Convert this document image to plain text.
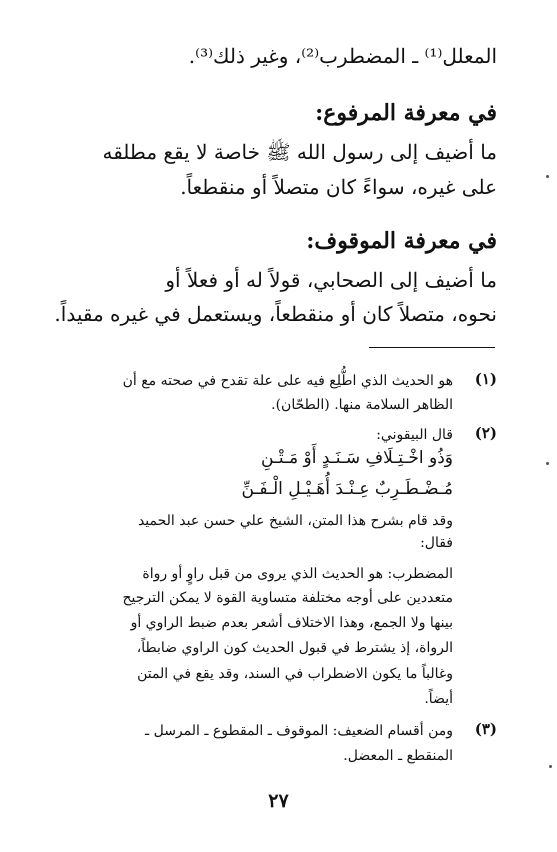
المعلل⁽¹⁾ ـ المضطرب⁽²⁾، وغير ذلك⁽³⁾.
في معرفة المرفوع:
ما أضيف إلى رسول الله ﷺ خاصة لا يقع مطلقه
على غيره، سواءً كان متصلاً أو منقطعاً.
في معرفة الموقوف:
ما أضيف إلى الصحابي، قولاً له أو فعلاً أو
نحوه، متصلاً كان أو منقطعاً، ويستعمل في غيره مقيداً.
(١)
هو الحديث الذي اطُّلِع فيه على علة تقدح في صحته مع أن
الظاهر السلامة منها. (الطحّان).
(٢)
قال البيقوني:
وَذُو اخْـتِـلَافِ سَـنَـدٍ أَوْ مَـتْـنِ
مُـضْـطَـرِبٌ عِـنْـدَ أُهَـيْـلِ الْـفَـنِّ
وقد قام بشرح هذا المتن، الشيخ علي حسن عبد الحميد
فقال:
المضطرب: هو الحديث الذي يروى من قبل راوٍ أو رواة
متعددين على أوجه مختلفة متساوية القوة لا يمكن الترجيح
بينها ولا الجمع، وهذا الاختلاف أشعر بعدم ضبط الراوي أو
الرواة، إذ يشترط في قبول الحديث كون الراوي ضابطاً،
وغالباً ما يكون الاضطراب في السند، وقد يقع في المتن
أيضاً.
(٣)
ومن أقسام الضعيف: الموقوف ـ المقطوع ـ المرسل ـ
المنقطع ـ المعضل.
٢٧
